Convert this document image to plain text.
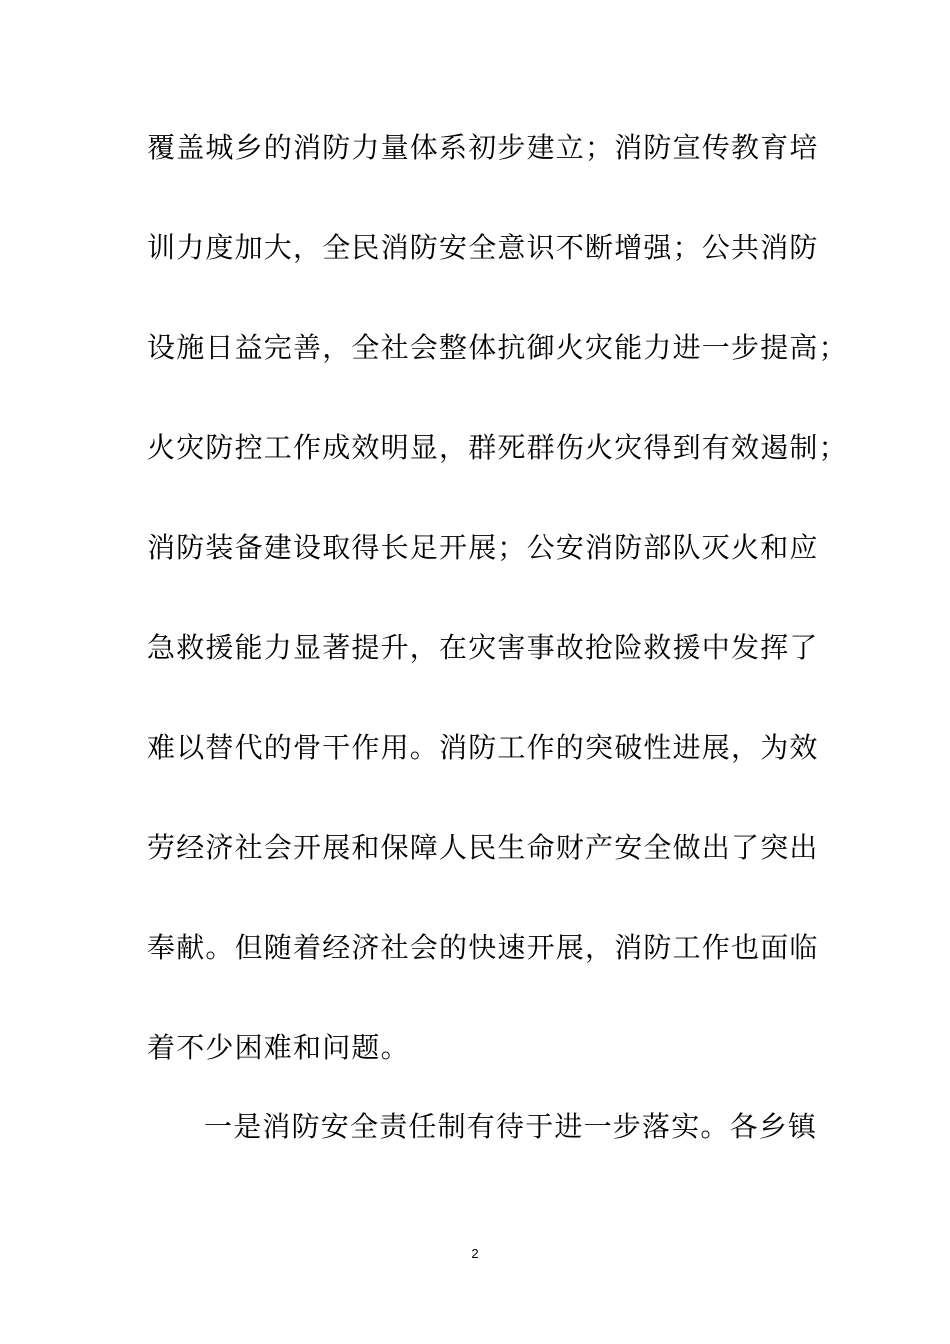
覆盖城乡的消防力量体系初步建立；消防宣传教育培
训力度加大，全民消防安全意识不断增强；公共消防
设施日益完善，全社会整体抗御火灾能力进一步提高；
火灾防控工作成效明显，群死群伤火灾得到有效遏制；
消防装备建设取得长足开展；公安消防部队灭火和应
急救援能力显著提升，在灾害事故抢险救援中发挥了
难以替代的骨干作用。消防工作的突破性进展，为效
劳经济社会开展和保障人民生命财产安全做出了突出
奉献。但随着经济社会的快速开展，消防工作也面临
着不少困难和问题。
一是消防安全责任制有待于进一步落实。各乡镇
2
